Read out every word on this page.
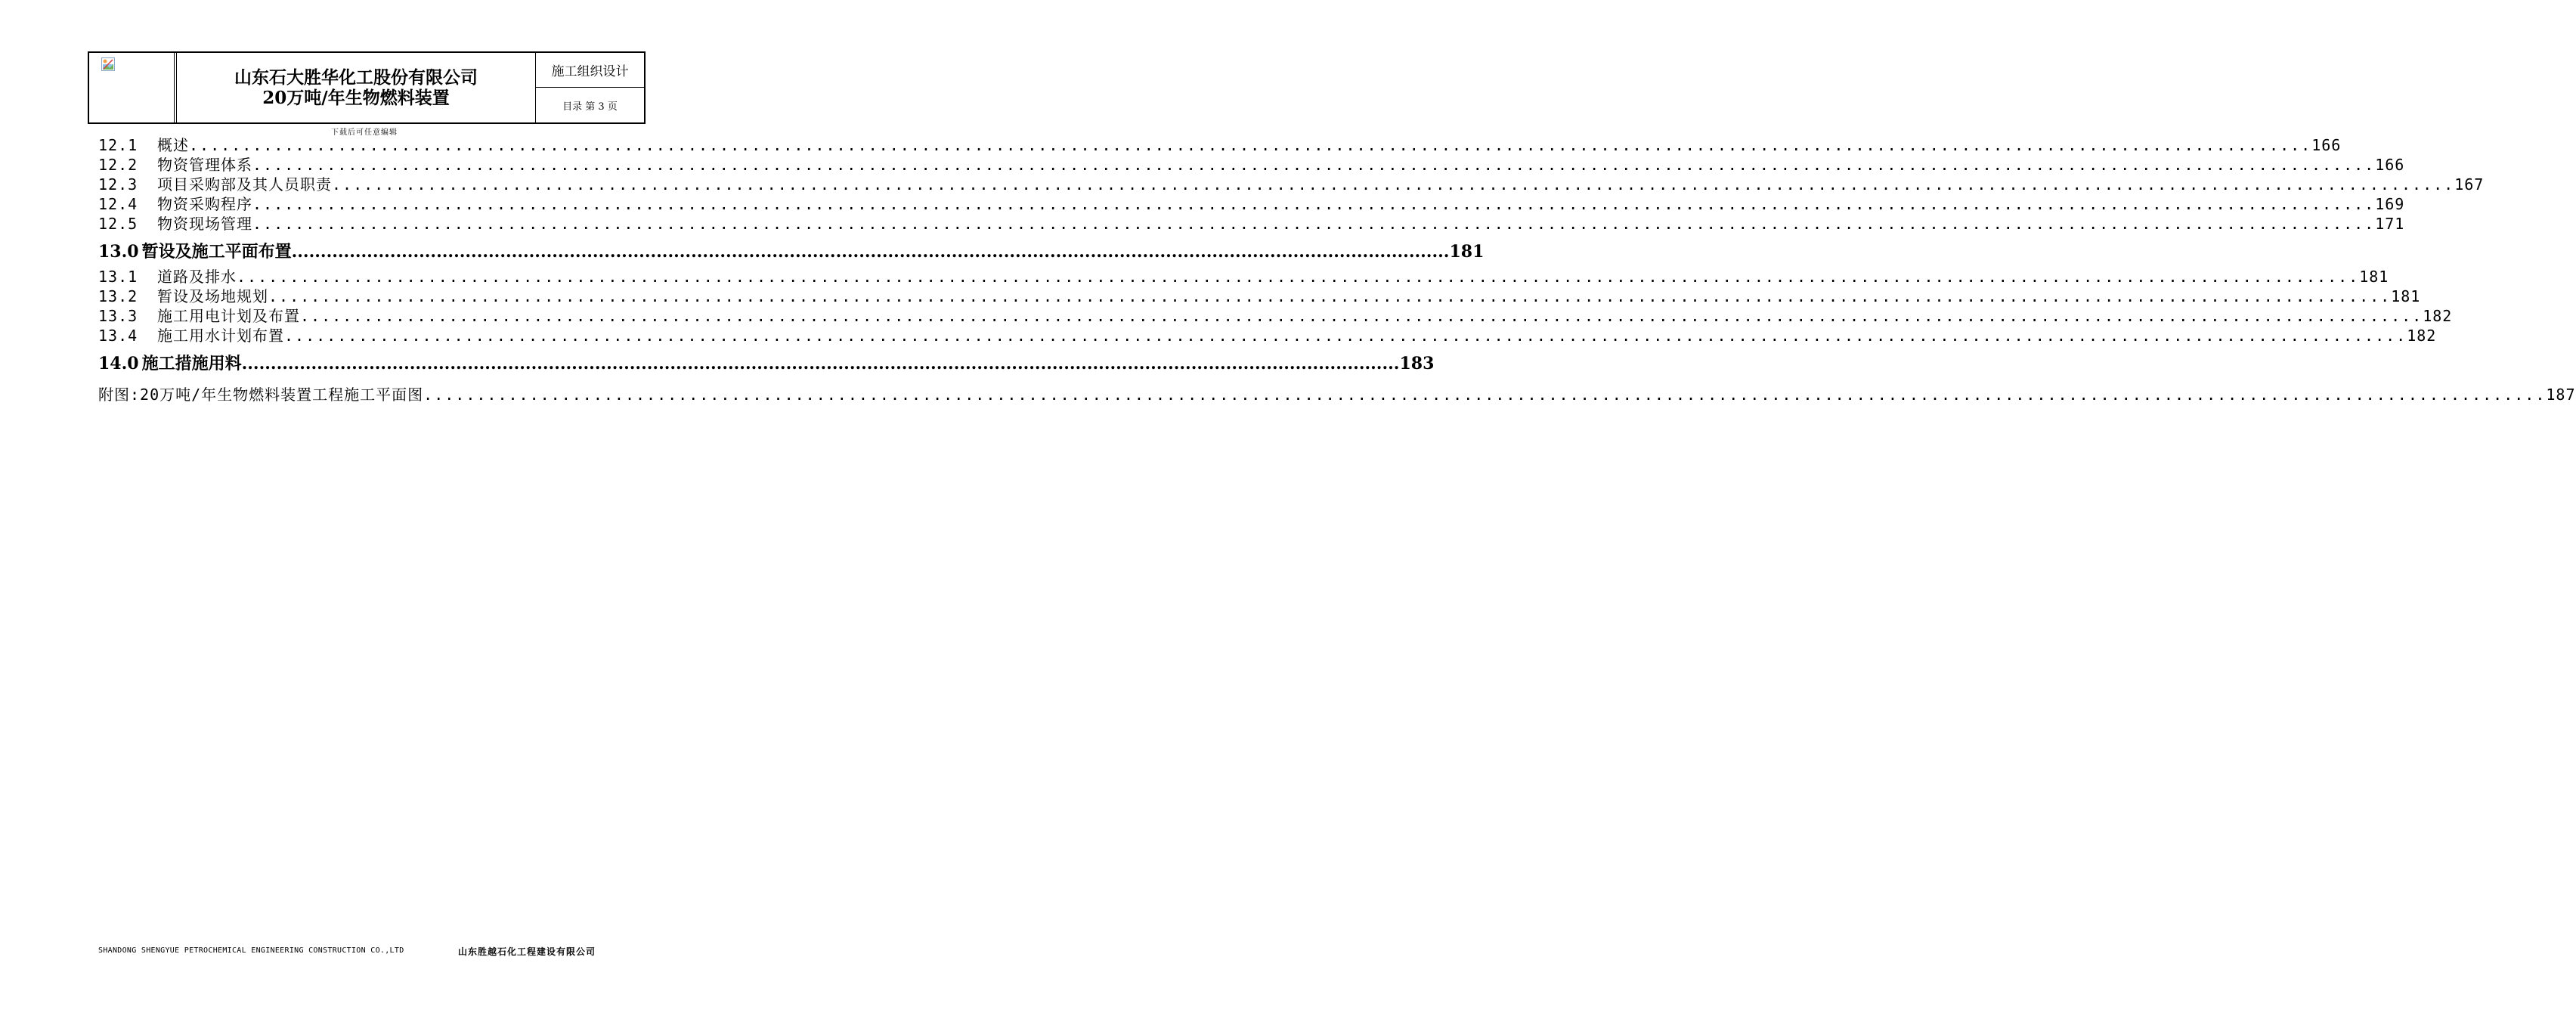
山东石大胜华化工股份有限公司
20万吨/年生物燃料装置
施工组织设计
目录 第 3 页
下载后可任意编辑
12.1	概述 ........................................................................................................................................................................................................ 166
12.2	物资管理体系 ........................................................................................................................................................................................................ 166
12.3	项目采购部及其人员职责 ........................................................................................................................................................................................................ 167
12.4	物资采购程序 ........................................................................................................................................................................................................ 169
12.5	物资现场管理 ........................................................................................................................................................................................................ 171
13.0 暂设及施工平面布置 ........................................................................................................................................................................................................ 181
13.1	道路及排水 ........................................................................................................................................................................................................ 181
13.2	暂设及场地规划 ........................................................................................................................................................................................................ 181
13.3	施工用电计划及布置 ........................................................................................................................................................................................................ 182
13.4	施工用水计划布置 ........................................................................................................................................................................................................ 182
14.0 施工措施用料 ........................................................................................................................................................................................................ 183
附图: 20万吨/年生物燃料装置工程施工平面图 ........................................................................................................................................................................................................ 187
SHANDONG SHENGYUE PETROCHEMICAL ENGINEERING CONSTRUCTION CO.,LTD	山东胜越石化工程建设有限公司
